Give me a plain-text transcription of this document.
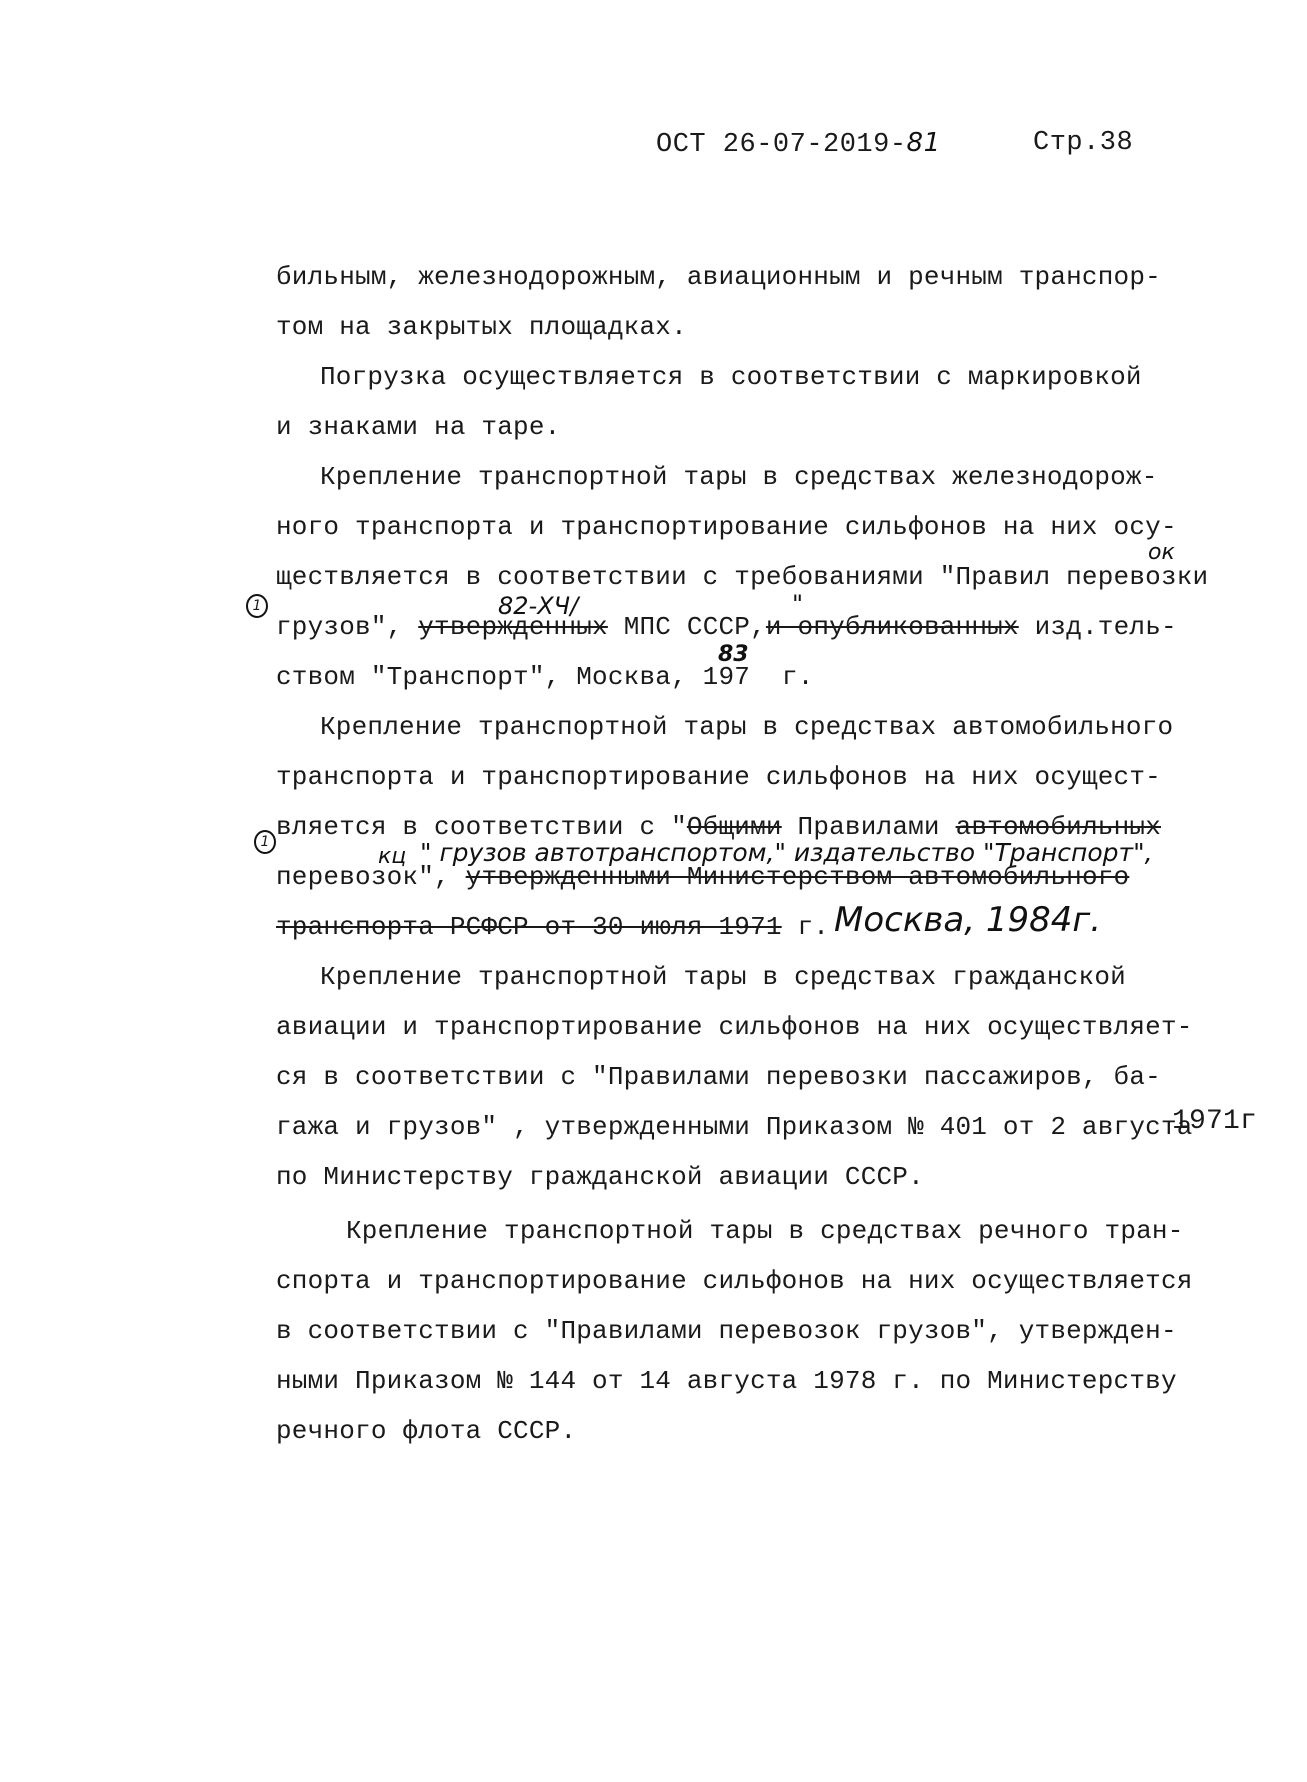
ОСТ 26-07-2019-81	Стр.38
бильным, железнодорожным, авиационным и речным транспор-
том на закрытых площадках.
Погрузка осуществляется в соответствии с маркировкой
и знаками на таре.
Крепление транспортной тары в средствах железнодорож-
ного транспорта и транспортирование сильфонов на них осу-
ществляется в соответствии с требованиями "Правил перевозки
грузов", утвержденных МПС СССР,и опубликованных изд.тель-
ством "Транспорт", Москва, 197 г.
Крепление транспортной тары в средствах автомобильного
транспорта и транспортирование сильфонов на них осущест-
вляется в соответствии с "Общими Правилами автомобильных
перевозок", утвержденными Министерством автомобильного
транспорта РСФСР от 30 июля 1971 г.
Крепление транспортной тары в средствах гражданской
авиации и транспортирование сильфонов на них осуществляет-
ся в соответствии с "Правилами перевозки пассажиров, ба-
гажа и грузов" , утвержденными Приказом № 401 от 2 августа
1971г
по Министерству гражданской авиации СССР.
Крепление транспортной тары в средствах речного тран-
спорта и транспортирование сильфонов на них осуществляется
в соответствии с "Правилами перевозок грузов", утвержден-
ными Приказом № 144 от 14 августа 1978 г. по Министерству
речного флота СССР.
ок
1	82-ХЧ/	"
83
1
кц " грузов автотранспортом," издательство "Транспорт",
Москва, 1984г.
